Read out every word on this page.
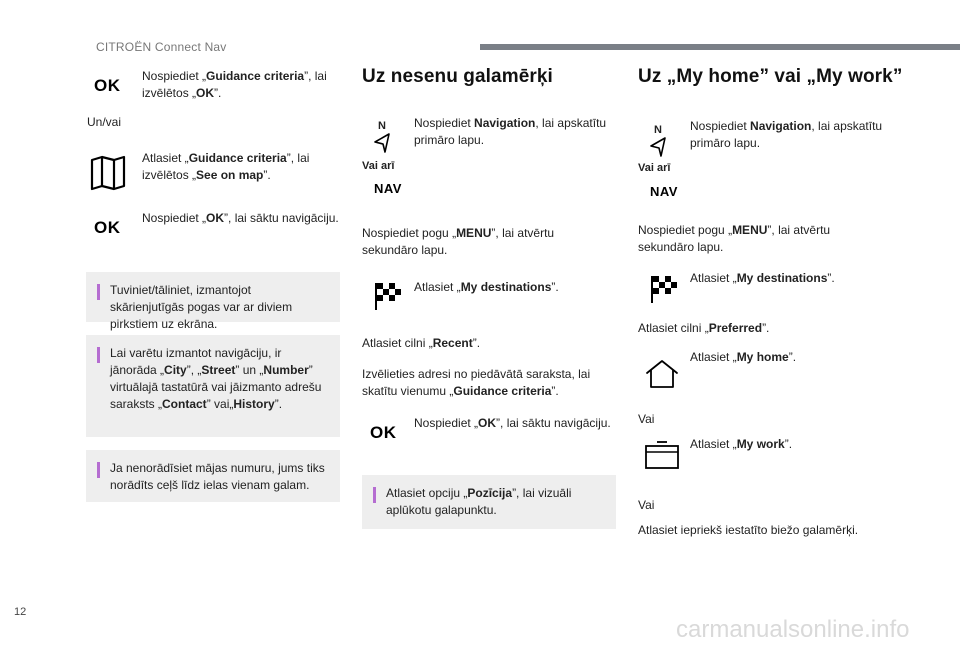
CITROËN Connect Nav
OK Nospiediet „Guidance criteria”, lai izvēlētos „OK”.
Un/vai
Atlasiet „Guidance criteria”, lai izvēlētos „See on map”.
OK Nospiediet „OK”, lai sāktu navigāciju.
Tuviniet/tāliniet, izmantojot skārienjutīgās pogas var ar diviem pirkstiem uz ekrāna.
Lai varētu izmantot navigāciju, ir jānorāda „City”, „Street” un „Number” virtuālajā tastatūrā vai jāizmanto adrešu saraksts „Contact” vai„History”.
Ja nenorādīsiet mājas numuru, jums tiks norādīts ceļš līdz ielas vienam galam.
Uz nesenu galamērķi
N	Nospiediet Navigation, lai apskatītu primāro lapu.
Vai arī
NAV
Nospiediet pogu „MENU”, lai atvērtu sekundāro lapu.
Atlasiet „My destinations”.
Atlasiet cilni „Recent”.
Izvēlieties adresi no piedāvātā saraksta, lai skatītu vienumu „Guidance criteria”.
OK Nospiediet „OK”, lai sāktu navigāciju.
Atlasiet opciju „Pozīcija”, lai vizuāli aplūkotu galapunktu.
Uz „My home” vai „My work”
N	Nospiediet Navigation, lai apskatītu primāro lapu.
Vai arī
NAV
Nospiediet pogu „MENU”, lai atvērtu sekundāro lapu.
Atlasiet „My destinations”.
Atlasiet cilni „Preferred”.
Atlasiet „My home”.
Vai
Atlasiet „My work”.
Vai
Atlasiet iepriekš iestatīto biežo galamērķi.
12
carmanualsonline.info
